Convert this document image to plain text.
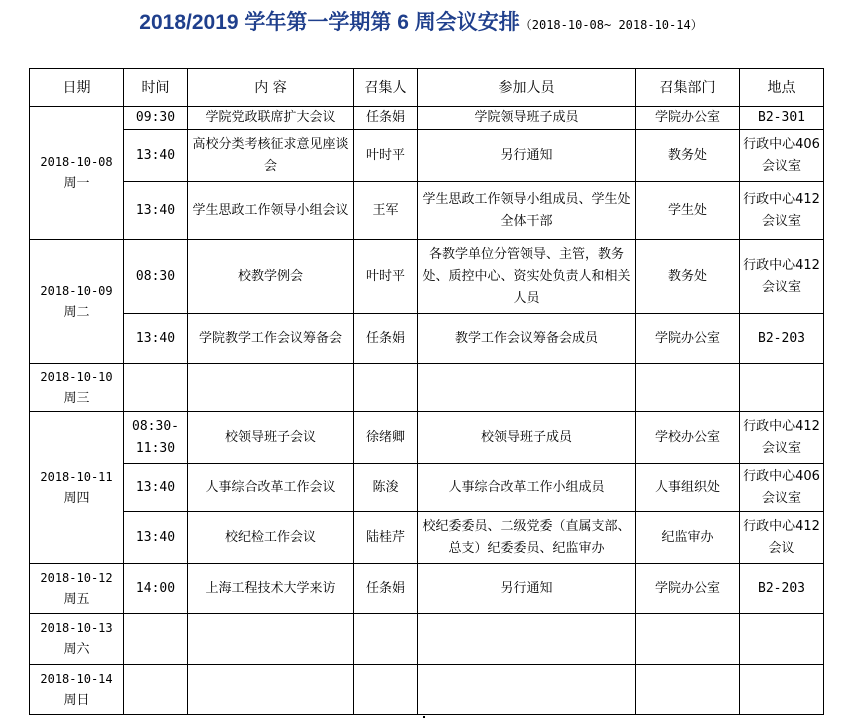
2018/2019 学年第一学期第 6 周会议安排（2018-10-08~ 2018-10-14）
日期	时间	内 容	召集人	参加人员	召集部门	地点

2018-10-08
周一	09:30	学院党政联席扩大会议	任条娟	学院领导班子成员	学院办公室	B2-301
	13:40	高校分类考核征求意见座谈会	叶时平	另行通知	教务处	行政中心406会议室
	13:40	学生思政工作领导小组会议	王军	学生思政工作领导小组成员、学生处全体干部	学生处	行政中心412会议室

2018-10-09
周二	08:30	校教学例会	叶时平	各教学单位分管领导、主管，教务处、质控中心、资实处负责人和相关人员	教务处	行政中心412会议室
	13:40	学院教学工作会议筹备会	任条娟	教学工作会议筹备会成员	学院办公室	B2-203

2018-10-10
周三						

2018-10-11
周四	08:30-11:30	校领导班子会议	徐绪卿	校领导班子成员	学校办公室	行政中心412会议室
	13:40	人事综合改革工作会议	陈浚	人事综合改革工作小组成员	人事组织处	行政中心406会议室
	13:40	校纪检工作会议	陆桂芹	校纪委委员、二级党委（直属支部、总支）纪委委员、纪监审办	纪监审办	行政中心412会议

2018-10-12
周五	14:00	上海工程技术大学来访	任条娟	另行通知	学院办公室	B2-203

2018-10-13
周六						

2018-10-14
周日						
